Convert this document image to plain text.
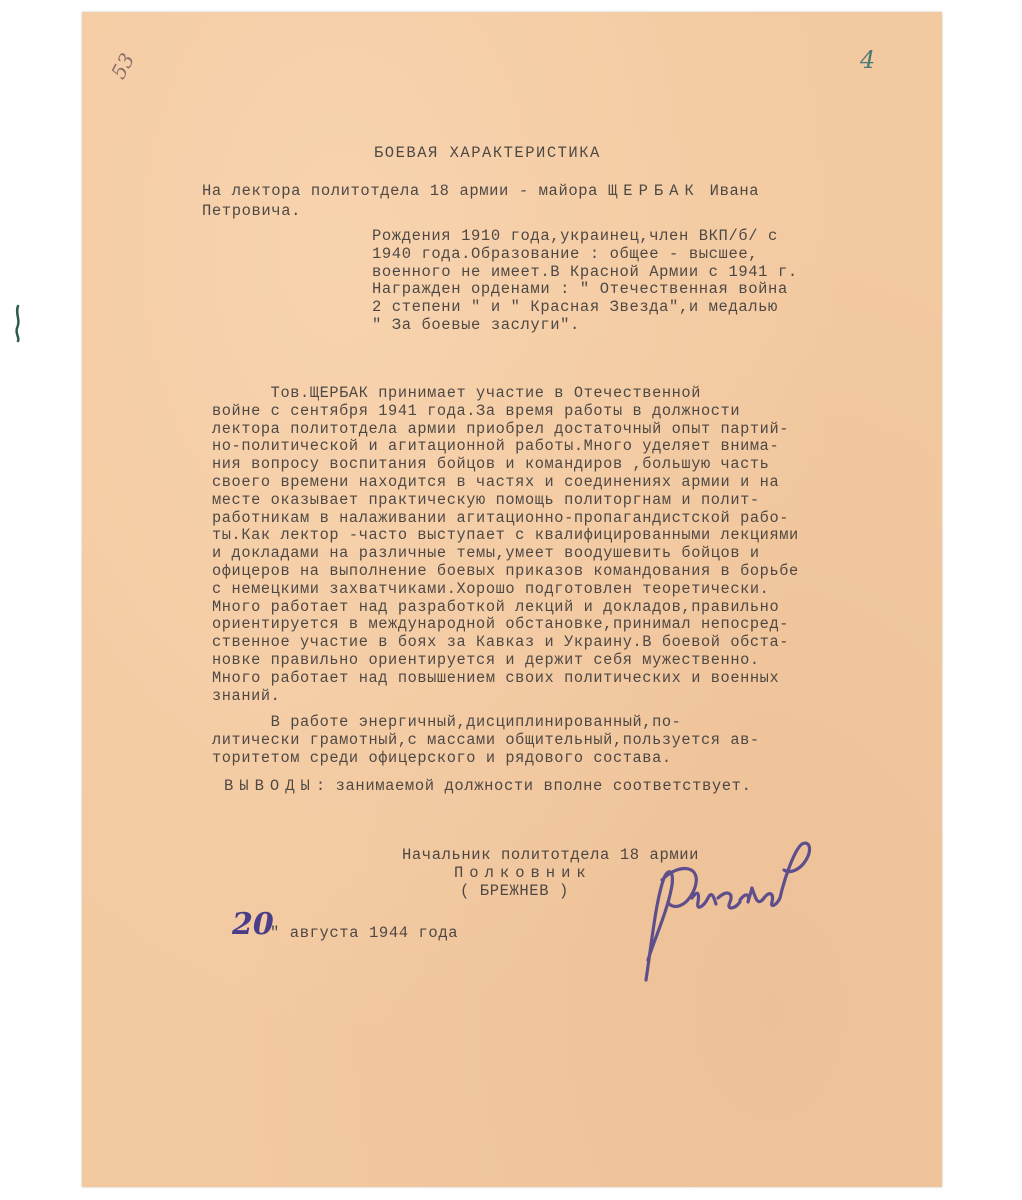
53	4
БОЕВАЯ ХАРАКТЕРИСТИКА
На лектора политотдела 18 армии - майора ЩЕРБАК Ивана
Петровича.
Рождения 1910 года,украинец,член ВКП/б/ с
1940 года.Образование : общее - высшее,
военного не имеет.В Красной Армии с 1941 г.
Награжден орденами : " Отечественная война
2 степени " и " Красная Звезда",и медалью
" За боевые заслуги".
Тов.ЩЕРБАК принимает участие в Отечественной
войне с сентября 1941 года.За время работы в должности
лектора политотдела армии приобрел достаточный опыт партий-
но-политической и агитационной работы.Много уделяет внима-
ния вопросу воспитания бойцов и командиров ,большую часть
своего времени находится в частях и соединениях армии и на
месте оказывает практическую помощь политоргнам и полит-
работникам в налаживании агитационно-пропагандистской рабо-
ты.Как лектор -часто выступает с квалифицированными лекциями
и докладами на различные темы,умеет воодушевить бойцов и
офицеров на выполнение боевых приказов командования в борьбе
с немецкими захватчиками.Хорошо подготовлен теоретически.
Много работает над разработкой лекций и докладов,правильно
ориентируется в международной обстановке,принимал непосред-
ственное участие в боях за Кавказ и Украину.В боевой обста-
новке правильно ориентируется и держит себя мужественно.
Много работает над повышением своих политических и военных
знаний.
В работе энергичный,дисциплинированный,по-
литически грамотный,с массами общительный,пользуется ав-
торитетом среди офицерского и рядового состава.
ВЫВОДЫ: занимаемой должности вполне соответствует.
Начальник политотдела 18 армии
Полковник
( БРЕЖНЕВ )
Брежнев
20
" августа 1944 года
